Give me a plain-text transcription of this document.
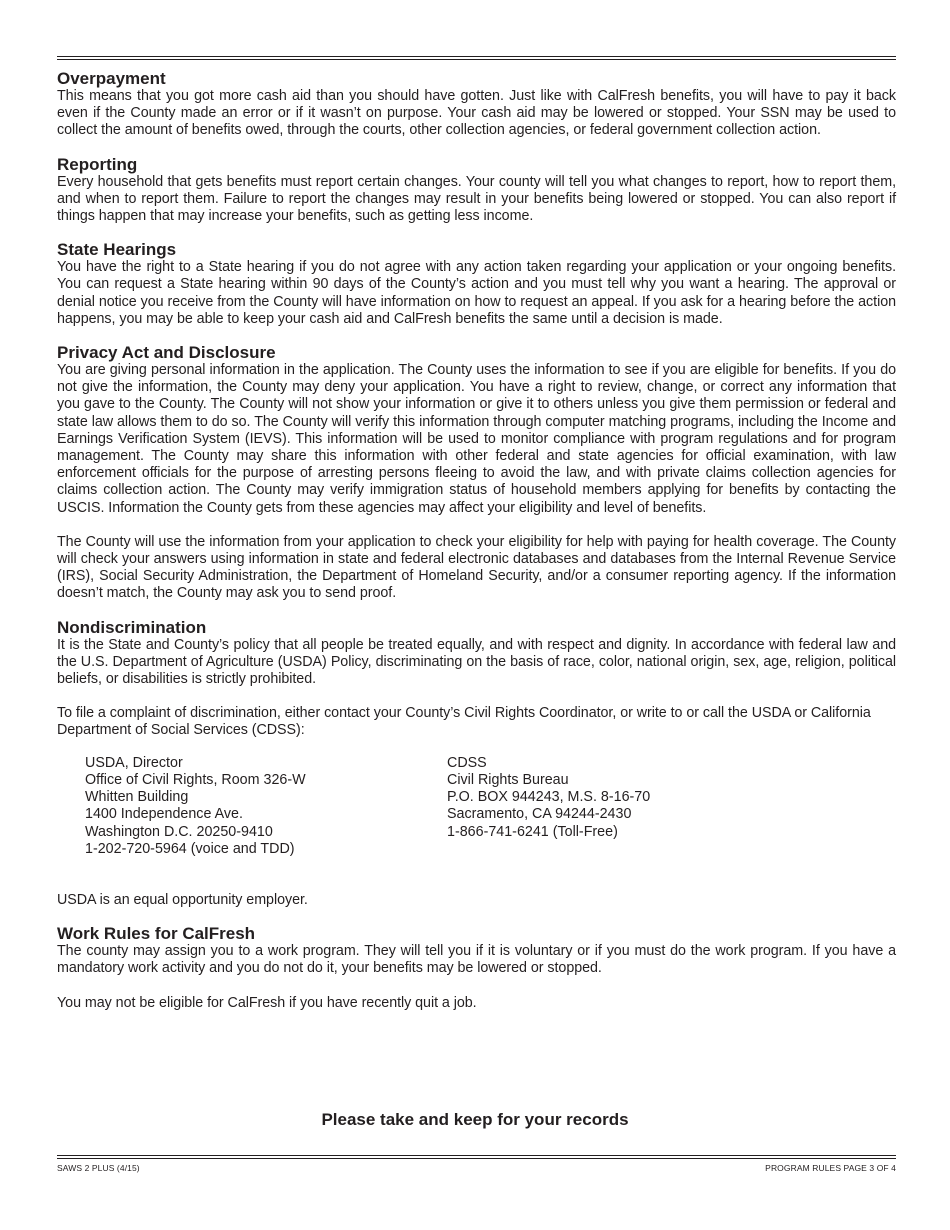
Overpayment

This means that you got more cash aid than you should have gotten. Just like with CalFresh benefits, you will have to pay it back even if the County made an error or if it wasn’t on purpose. Your cash aid may be lowered or stopped. Your SSN may be used to collect the amount of benefits owed, through the courts, other collection agencies, or federal government collection action.

Reporting

Every household that gets benefits must report certain changes. Your county will tell you what changes to report, how to report them, and when to report them. Failure to report the changes may result in your benefits being lowered or stopped. You can also report if things happen that may increase your benefits, such as getting less income.

State Hearings

You have the right to a State hearing if you do not agree with any action taken regarding your application or your ongoing benefits. You can request a State hearing within 90 days of the County’s action and you must tell why you want a hearing. The approval or denial notice you receive from the County will have information on how to request an appeal. If you ask for a hearing before the action happens, you may be able to keep your cash aid and CalFresh benefits the same until a decision is made.

Privacy Act and Disclosure

You are giving personal information in the application. The County uses the information to see if you are eligible for benefits. If you do not give the information, the County may deny your application. You have a right to review, change, or correct any information that you gave to the County. The County will not show your information or give it to others unless you give them permission or federal and state law allows them to do so. The County will verify this information through computer matching programs, including the Income and Earnings Verification System (IEVS). This information will be used to monitor compliance with program regulations and for program management. The County may share this information with other federal and state agencies for official examination, with law enforcement officials for the purpose of arresting persons fleeing to avoid the law, and with private claims collection agencies for claims collection action. The County may verify immigration status of household members applying for benefits by contacting the USCIS. Information the County gets from these agencies may affect your eligibility and level of benefits.

The County will use the information from your application to check your eligibility for help with paying for health coverage. The County will check your answers using information in state and federal electronic databases and databases from the Internal Revenue Service (IRS), Social Security Administration, the Department of Homeland Security, and/or a consumer reporting agency. If the information doesn’t match, the County may ask you to send proof.

Nondiscrimination

It is the State and County’s policy that all people be treated equally, and with respect and dignity. In accordance with federal law and the U.S. Department of Agriculture (USDA) Policy, discriminating on the basis of race, color, national origin, sex, age, religion, political beliefs, or disabilities is strictly prohibited.

To file a complaint of discrimination, either contact your County’s Civil Rights Coordinator, or write to or call the USDA or California Department of Social Services (CDSS):

USDA, Director
Office of Civil Rights, Room 326-W
Whitten Building
1400 Independence Ave.
Washington D.C. 20250-9410
1-202-720-5964 (voice and TDD)
CDSS
Civil Rights Bureau
P.O. BOX 944243, M.S. 8-16-70
Sacramento, CA 94244-2430
1-866-741-6241 (Toll-Free)

USDA is an equal opportunity employer.

Work Rules for CalFresh

The county may assign you to a work program. They will tell you if it is voluntary or if you must do the work program. If you have a mandatory work activity and you do not do it, your benefits may be lowered or stopped.

You may not be eligible for CalFresh if you have recently quit a job.

Please take and keep for your records
SAWS 2 PLUS (4/15)	PROGRAM RULES PAGE 3 OF 4
